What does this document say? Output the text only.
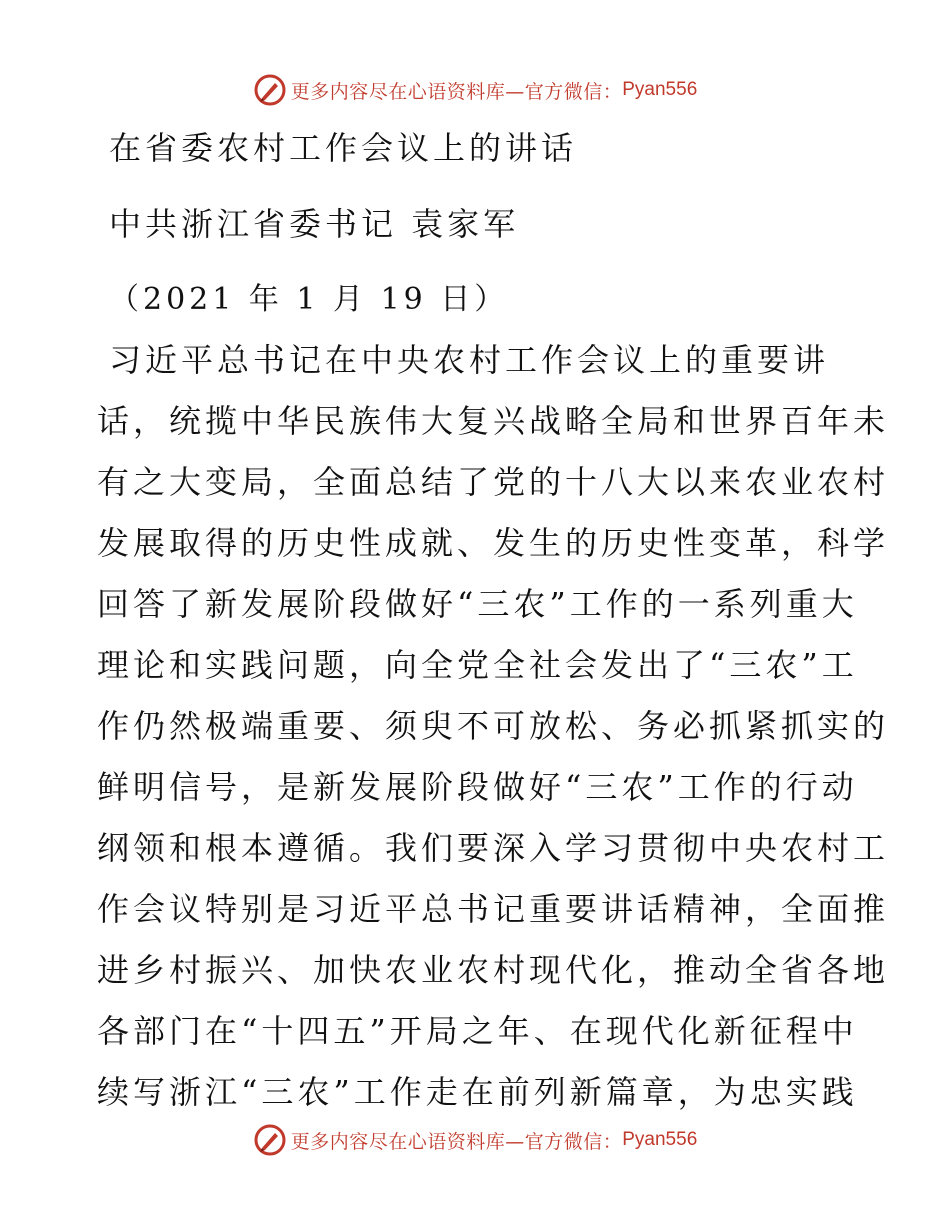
更多内容尽在心语资料库—官方微信： Pyan556
在省委农村工作会议上的讲话
中共浙江省委书记 袁家军
（2021 年 1 月 19 日）
习近平总书记在中央农村工作会议上的重要讲
话，统揽中华民族伟大复兴战略全局和世界百年未
有之大变局，全面总结了党的十八大以来农业农村
发展取得的历史性成就、发生的历史性变革，科学
回答了新发展阶段做好“三农”工作的一系列重大
理论和实践问题，向全党全社会发出了“三农”工
作仍然极端重要、须臾不可放松、务必抓紧抓实的
鲜明信号，是新发展阶段做好“三农”工作的行动
纲领和根本遵循。我们要深入学习贯彻中央农村工
作会议特别是习近平总书记重要讲话精神，全面推
进乡村振兴、加快农业农村现代化，推动全省各地
各部门在“十四五”开局之年、在现代化新征程中
续写浙江“三农”工作走在前列新篇章，为忠实践
更多内容尽在心语资料库—官方微信： Pyan556
